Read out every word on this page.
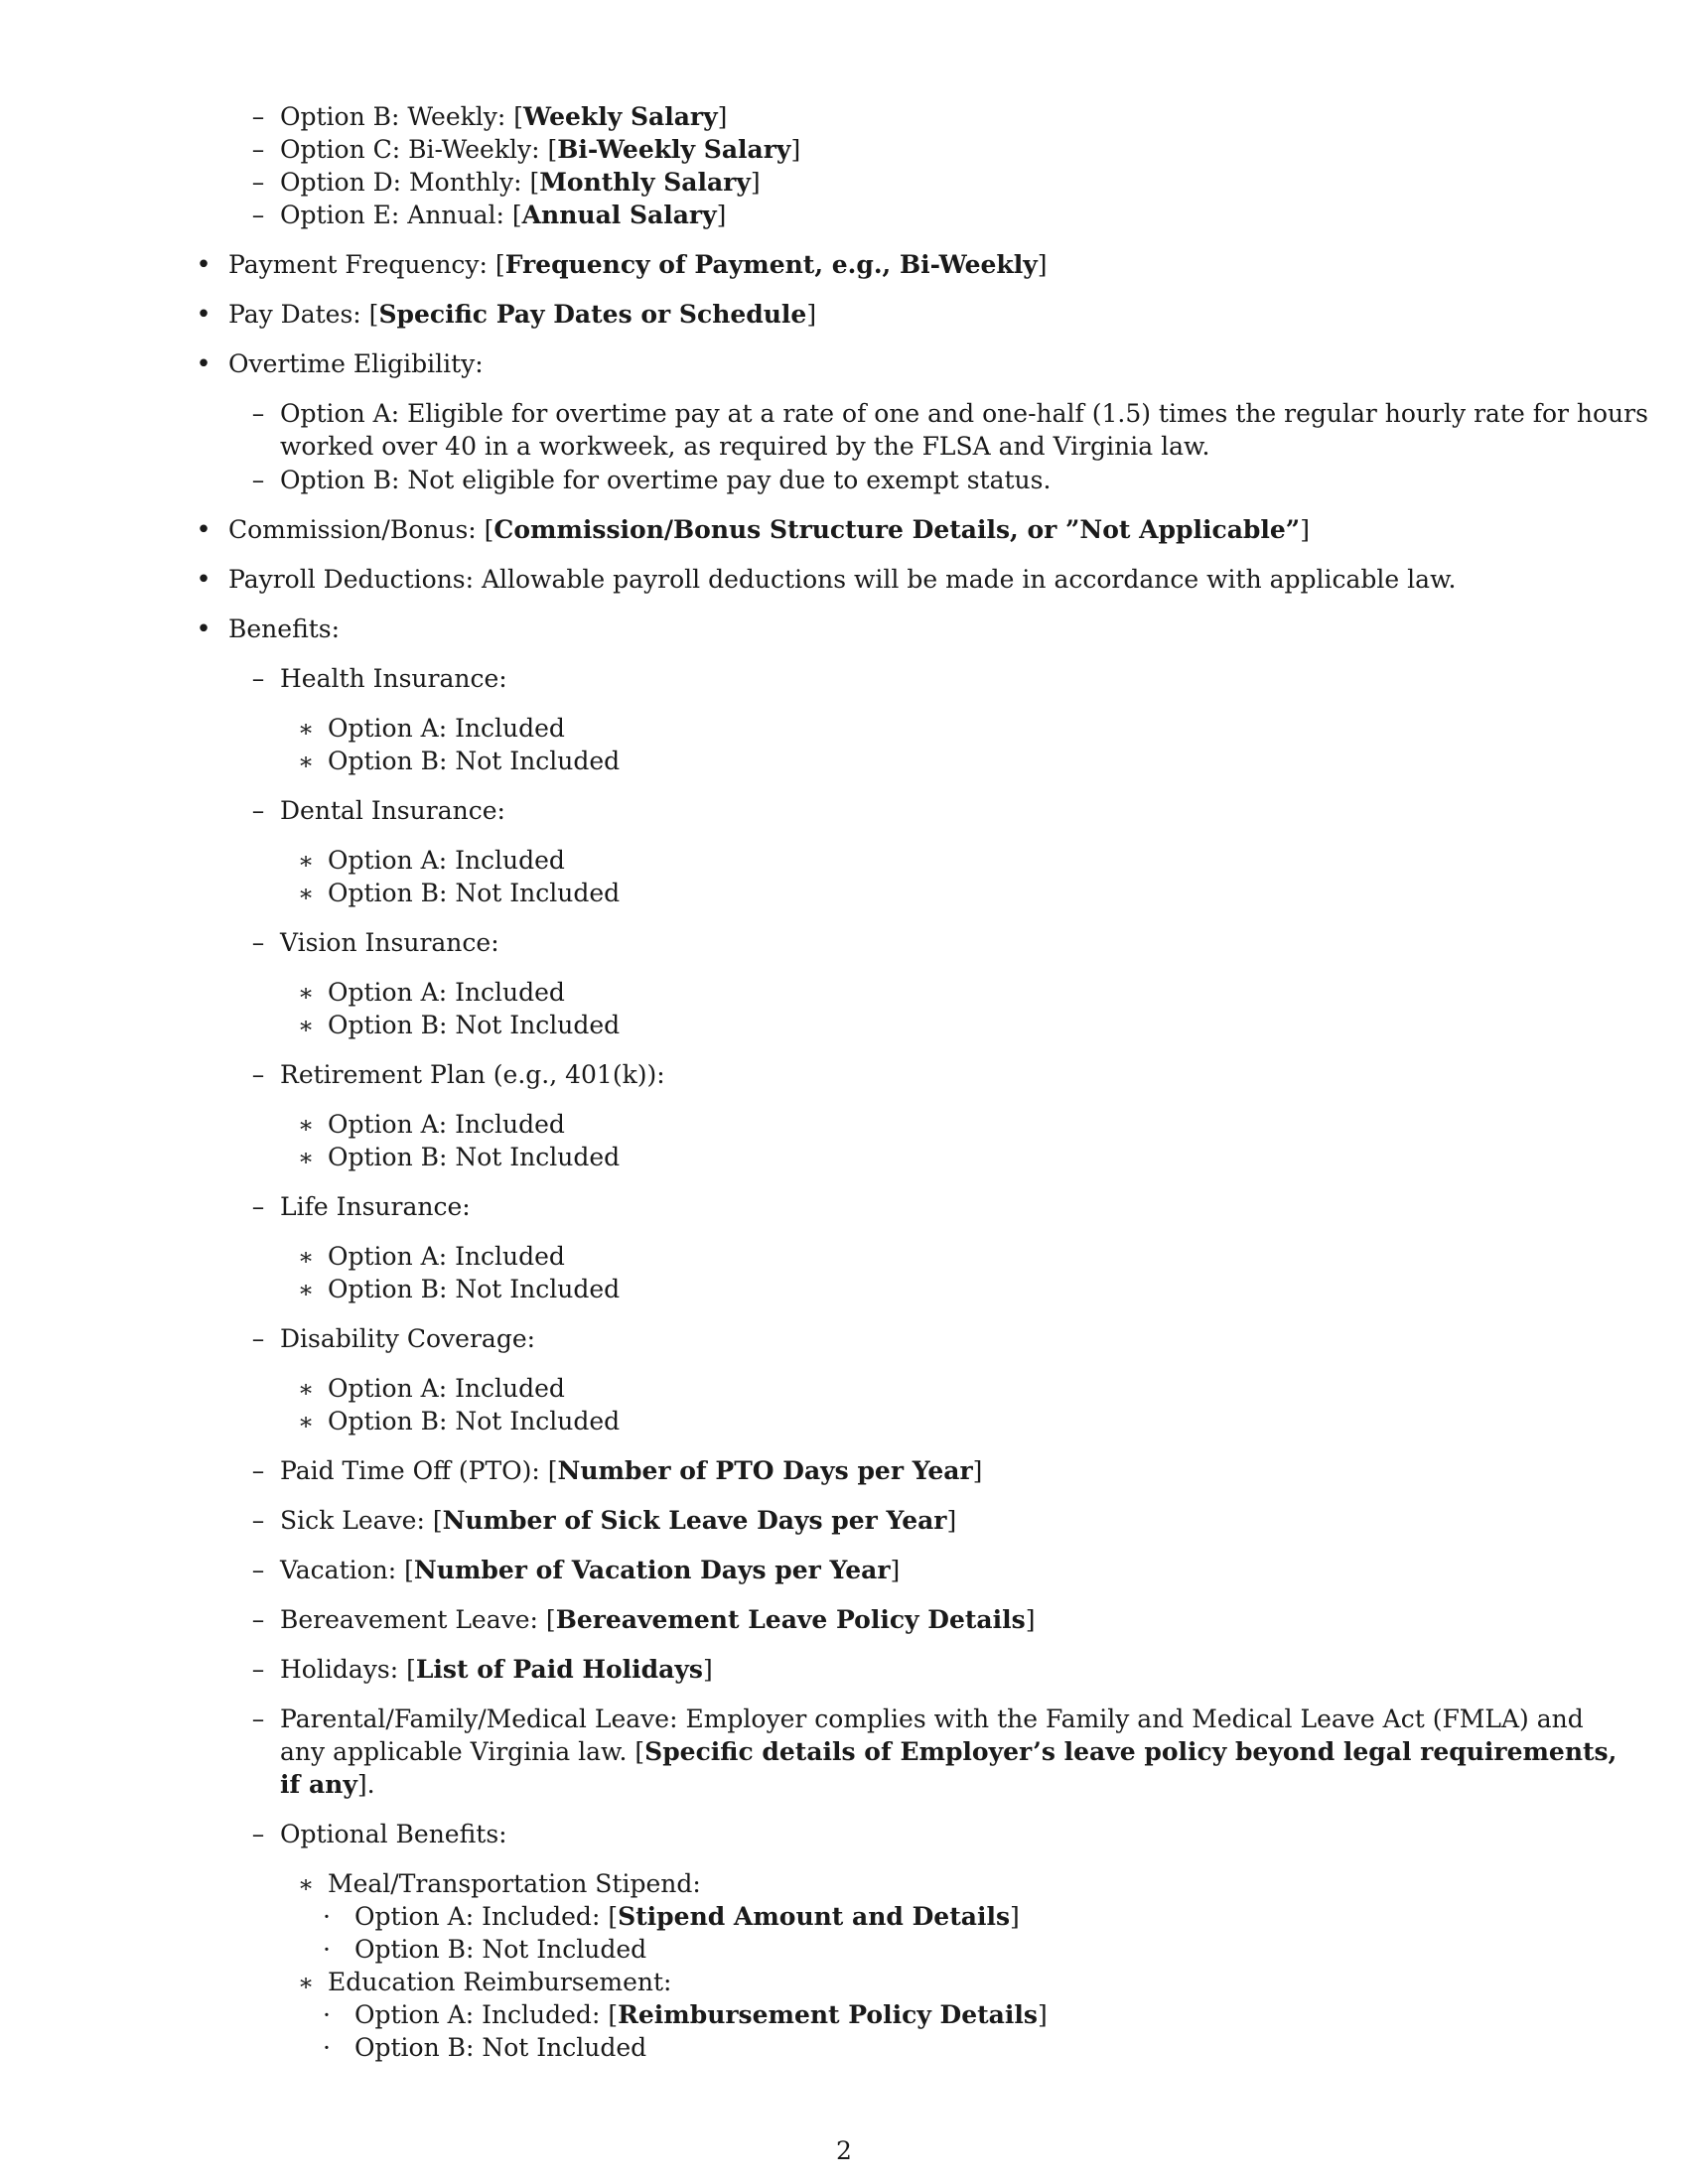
– Option B: Weekly: [Weekly Salary]
– Option C: Bi-Weekly: [Bi-Weekly Salary]
– Option D: Monthly: [Monthly Salary]
– Option E: Annual: [Annual Salary]
• Payment Frequency: [Frequency of Payment, e.g., Bi-Weekly]
• Pay Dates: [Specific Pay Dates or Schedule]
• Overtime Eligibility:
– Option A: Eligible for overtime pay at a rate of one and one-half (1.5) times the regular hourly rate for hours
worked over 40 in a workweek, as required by the FLSA and Virginia law.
– Option B: Not eligible for overtime pay due to exempt status.
• Commission/Bonus: [Commission/Bonus Structure Details, or ”Not Applicable”]
• Payroll Deductions: Allowable payroll deductions will be made in accordance with applicable law.
• Benefits:
– Health Insurance:
∗ Option A: Included
∗ Option B: Not Included
– Dental Insurance:
∗ Option A: Included
∗ Option B: Not Included
– Vision Insurance:
∗ Option A: Included
∗ Option B: Not Included
– Retirement Plan (e.g., 401(k)):
∗ Option A: Included
∗ Option B: Not Included
– Life Insurance:
∗ Option A: Included
∗ Option B: Not Included
– Disability Coverage:
∗ Option A: Included
∗ Option B: Not Included
– Paid Time Off (PTO): [Number of PTO Days per Year]
– Sick Leave: [Number of Sick Leave Days per Year]
– Vacation: [Number of Vacation Days per Year]
– Bereavement Leave: [Bereavement Leave Policy Details]
– Holidays: [List of Paid Holidays]
– Parental/Family/Medical Leave: Employer complies with the Family and Medical Leave Act (FMLA) and
any applicable Virginia law. [Specific details of Employer’s leave policy beyond legal requirements,
if any].
– Optional Benefits:
∗ Meal/Transportation Stipend:
· Option A: Included: [Stipend Amount and Details]
· Option B: Not Included
∗ Education Reimbursement:
· Option A: Included: [Reimbursement Policy Details]
· Option B: Not Included
2
